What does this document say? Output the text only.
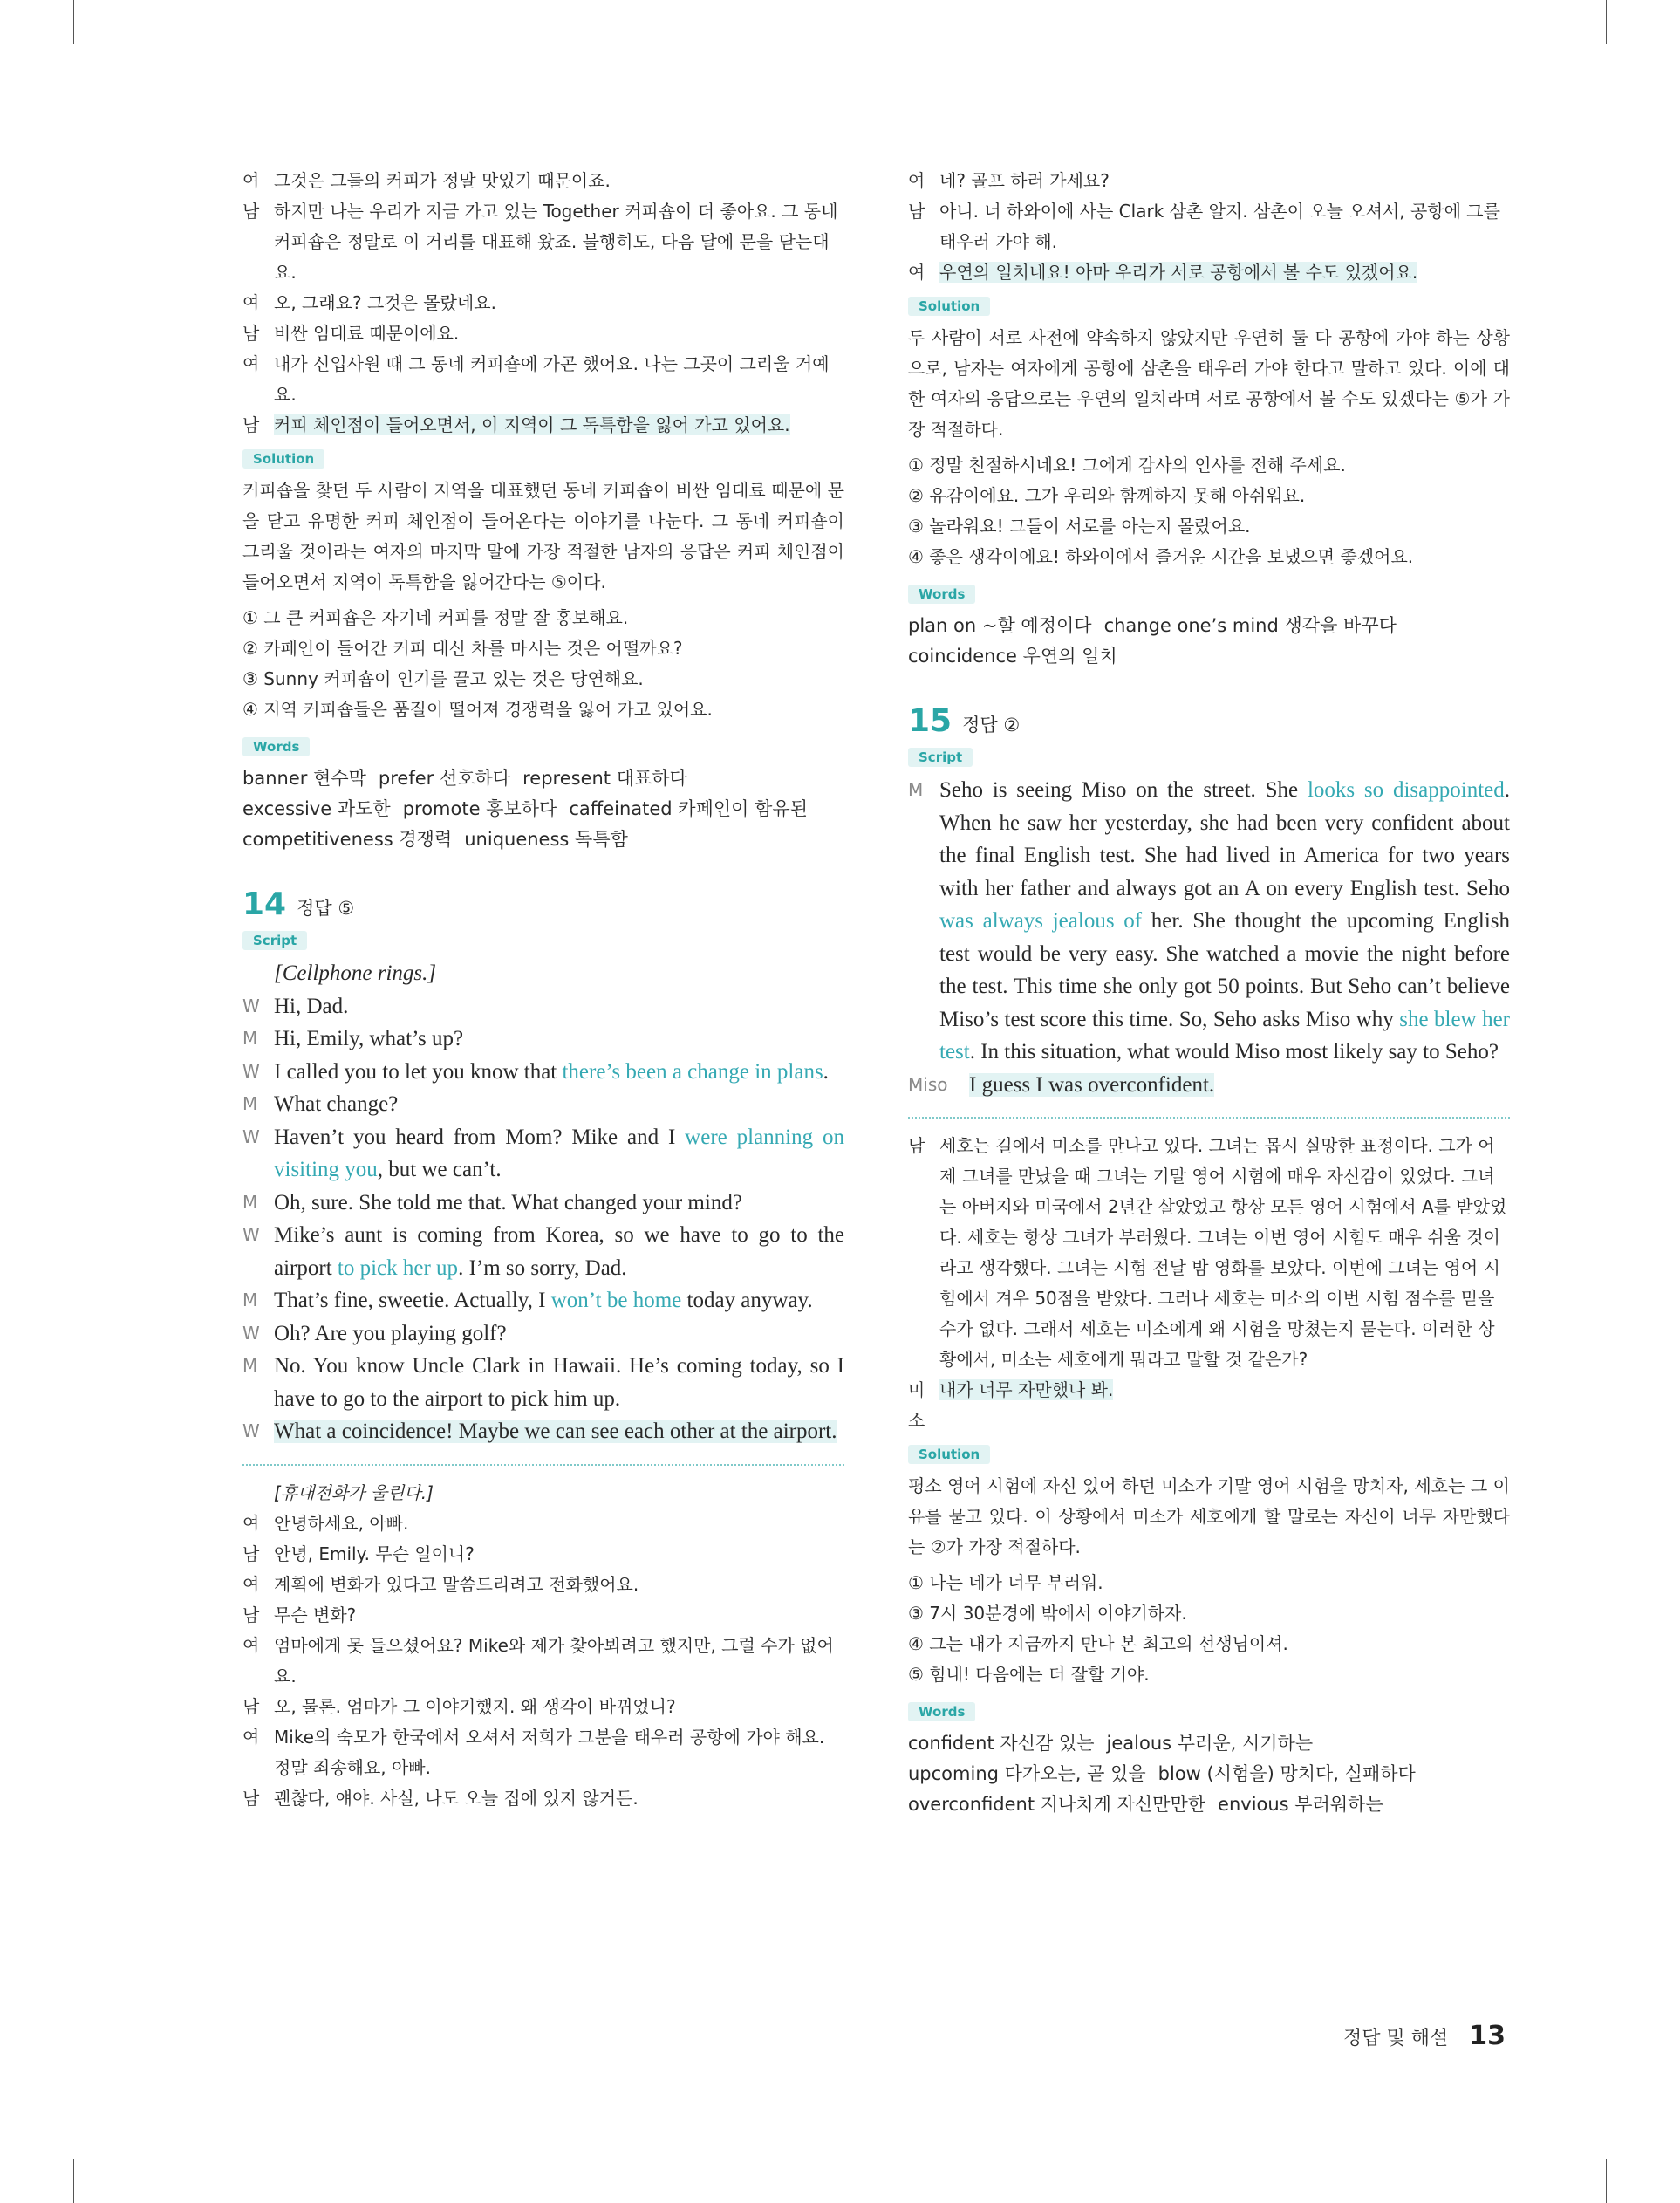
여 그것은 그들의 커피가 정말 맛있기 때문이죠.
남 하지만 나는 우리가 지금 가고 있는 Together 커피숍이 더 좋아요. 그 동네 커피숍은 정말로 이 거리를 대표해 왔죠. 불행히도, 다음 달에 문을 닫는대요.
여 오, 그래요? 그것은 몰랐네요.
남 비싼 임대료 때문이에요.
여 내가 신입사원 때 그 동네 커피숍에 가곤 했어요. 나는 그곳이 그리울 거예요.
남 커피 체인점이 들어오면서, 이 지역이 그 독특함을 잃어 가고 있어요.
Solution
커피숍을 찾던 두 사람이 지역을 대표했던 동네 커피숍이 비싼 임대료 때문에 문을 닫고 유명한 커피 체인점이 들어온다는 이야기를 나눈다. 그 동네 커피숍이 그리울 것이라는 여자의 마지막 말에 가장 적절한 남자의 응답은 커피 체인점이 들어오면서 지역이 독특함을 잃어간다는 ⑤이다.
① 그 큰 커피숍은 자기네 커피를 정말 잘 홍보해요.
② 카페인이 들어간 커피 대신 차를 마시는 것은 어떨까요?
③ Sunny 커피숍이 인기를 끌고 있는 것은 당연해요.
④ 지역 커피숍들은 품질이 떨어져 경쟁력을 잃어 가고 있어요.
Words
banner 현수막 prefer 선호하다 represent 대표하다
excessive 과도한 promote 홍보하다 caffeinated 카페인이 함유된
competitiveness 경쟁력 uniqueness 독특함
14 정답 ⑤
Script
[Cellphone rings.]
W Hi, Dad.
M Hi, Emily, what’s up?
W I called you to let you know that there’s been a change in plans.
M What change?
W Haven’t you heard from Mom? Mike and I were planning on visiting you, but we can’t.
M Oh, sure. She told me that. What changed your mind?
W Mike’s aunt is coming from Korea, so we have to go to the airport to pick her up. I’m so sorry, Dad.
M That’s fine, sweetie. Actually, I won’t be home today anyway.
W Oh? Are you playing golf?
M No. You know Uncle Clark in Hawaii. He’s coming today, so I have to go to the airport to pick him up.
W What a coincidence! Maybe we can see each other at the airport.
[휴대전화가 울린다.]
여 안녕하세요, 아빠.
남 안녕, Emily. 무슨 일이니?
여 계획에 변화가 있다고 말씀드리려고 전화했어요.
남 무슨 변화?
여 엄마에게 못 들으셨어요? Mike와 제가 찾아뵈려고 했지만, 그럴 수가 없어요.
남 오, 물론. 엄마가 그 이야기했지. 왜 생각이 바뀌었니?
여 Mike의 숙모가 한국에서 오셔서 저희가 그분을 태우러 공항에 가야 해요. 정말 죄송해요, 아빠.
남 괜찮다, 얘야. 사실, 나도 오늘 집에 있지 않거든.
여 네? 골프 하러 가세요?
남 아니. 너 하와이에 사는 Clark 삼촌 알지. 삼촌이 오늘 오셔서, 공항에 그를 태우러 가야 해.
여 우연의 일치네요! 아마 우리가 서로 공항에서 볼 수도 있겠어요.
Solution
두 사람이 서로 사전에 약속하지 않았지만 우연히 둘 다 공항에 가야 하는 상황으로, 남자는 여자에게 공항에 삼촌을 태우러 가야 한다고 말하고 있다. 이에 대한 여자의 응답으로는 우연의 일치라며 서로 공항에서 볼 수도 있겠다는 ⑤가 가장 적절하다.
① 정말 친절하시네요! 그에게 감사의 인사를 전해 주세요.
② 유감이에요. 그가 우리와 함께하지 못해 아쉬워요.
③ 놀라워요! 그들이 서로를 아는지 몰랐어요.
④ 좋은 생각이에요! 하와이에서 즐거운 시간을 보냈으면 좋겠어요.
Words
plan on ~할 예정이다 change one’s mind 생각을 바꾸다
coincidence 우연의 일치
15 정답 ②
Script
M Seho is seeing Miso on the street. She looks so disappointed. When he saw her yesterday, she had been very confident about the final English test. She had lived in America for two years with her father and always got an A on every English test. Seho was always jealous of her. She thought the upcoming English test would be very easy. She watched a movie the night before the test. This time she only got 50 points. But Seho can’t believe Miso’s test score this time. So, Seho asks Miso why she blew her test. In this situation, what would Miso most likely say to Seho?
Miso I guess I was overconfident.
남 세호는 길에서 미소를 만나고 있다. 그녀는 몹시 실망한 표정이다. 그가 어제 그녀를 만났을 때 그녀는 기말 영어 시험에 매우 자신감이 있었다. 그녀는 아버지와 미국에서 2년간 살았었고 항상 모든 영어 시험에서 A를 받았었다. 세호는 항상 그녀가 부러웠다. 그녀는 이번 영어 시험도 매우 쉬울 것이라고 생각했다. 그녀는 시험 전날 밤 영화를 보았다. 이번에 그녀는 영어 시험에서 겨우 50점을 받았다. 그러나 세호는 미소의 이번 시험 점수를 믿을 수가 없다. 그래서 세호는 미소에게 왜 시험을 망쳤는지 묻는다. 이러한 상황에서, 미소는 세호에게 뭐라고 말할 것 같은가?
미소
내가 너무 자만했나 봐.
Solution
평소 영어 시험에 자신 있어 하던 미소가 기말 영어 시험을 망치자, 세호는 그 이유를 묻고 있다. 이 상황에서 미소가 세호에게 할 말로는 자신이 너무 자만했다는 ②가 가장 적절하다.
① 나는 네가 너무 부러워.
③ 7시 30분경에 밖에서 이야기하자.
④ 그는 내가 지금까지 만나 본 최고의 선생님이셔.
⑤ 힘내! 다음에는 더 잘할 거야.
Words
confident 자신감 있는 jealous 부러운, 시기하는
upcoming 다가오는, 곧 있을 blow (시험을) 망치다, 실패하다
overconfident 지나치게 자신만만한 envious 부러워하는
정답 및 해설 13
